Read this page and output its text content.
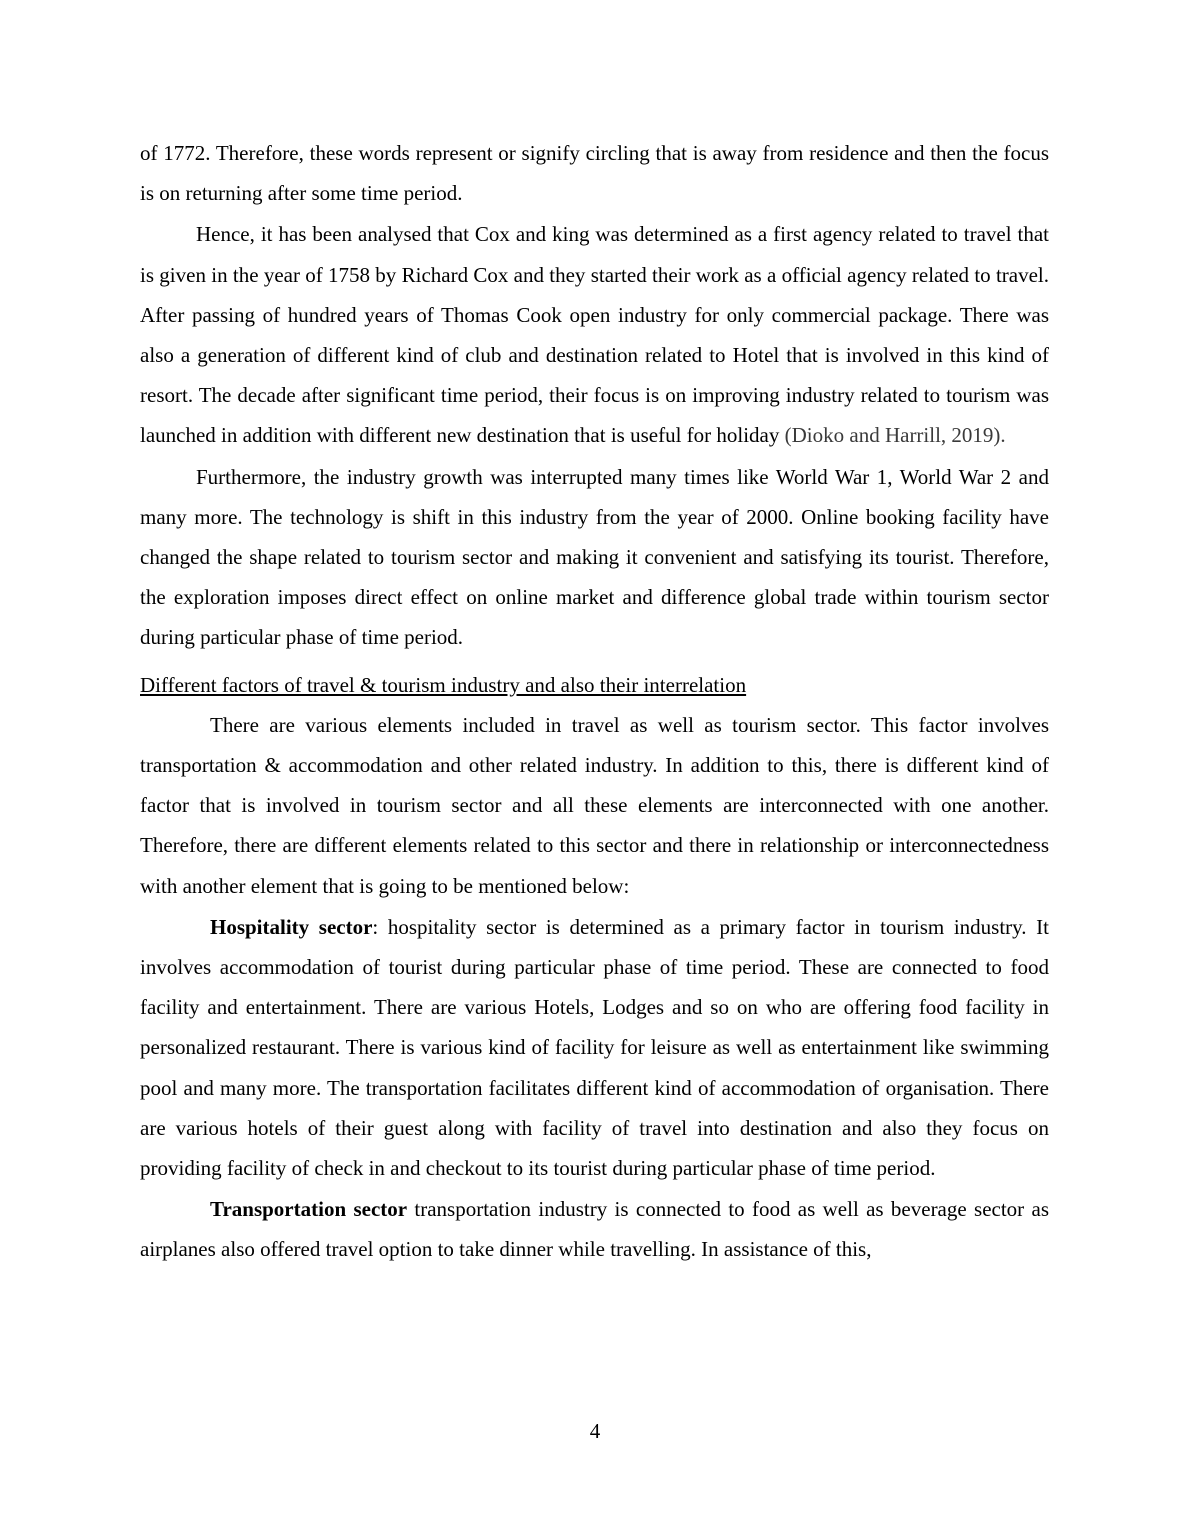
of 1772. Therefore, these words represent or signify circling that is away from residence and then the focus is on returning after some time period.

Hence, it has been analysed that Cox and king was determined as a first agency related to travel that is given in the year of 1758 by Richard Cox and they started their work as a official agency related to travel. After passing of hundred years of Thomas Cook open industry for only commercial package. There was also a generation of different kind of club and destination related to Hotel that is involved in this kind of resort. The decade after significant time period, their focus is on improving industry related to tourism was launched in addition with different new destination that is useful for holiday (Dioko and Harrill, 2019).

Furthermore, the industry growth was interrupted many times like World War 1, World War 2 and many more. The technology is shift in this industry from the year of 2000. Online booking facility have changed the shape related to tourism sector and making it convenient and satisfying its tourist. Therefore, the exploration imposes direct effect on online market and difference global trade within tourism sector during particular phase of time period.

Different factors of travel & tourism industry and also their interrelation

There are various elements included in travel as well as tourism sector. This factor involves transportation & accommodation and other related industry. In addition to this, there is different kind of factor that is involved in tourism sector and all these elements are interconnected with one another. Therefore, there are different elements related to this sector and there in relationship or interconnectedness with another element that is going to be mentioned below:

Hospitality sector: hospitality sector is determined as a primary factor in tourism industry. It involves accommodation of tourist during particular phase of time period. These are connected to food facility and entertainment. There are various Hotels, Lodges and so on who are offering food facility in personalized restaurant. There is various kind of facility for leisure as well as entertainment like swimming pool and many more. The transportation facilitates different kind of accommodation of organisation. There are various hotels of their guest along with facility of travel into destination and also they focus on providing facility of check in and checkout to its tourist during particular phase of time period.

Transportation sector transportation industry is connected to food as well as beverage sector as airplanes also offered travel option to take dinner while travelling. In assistance of this,

4
